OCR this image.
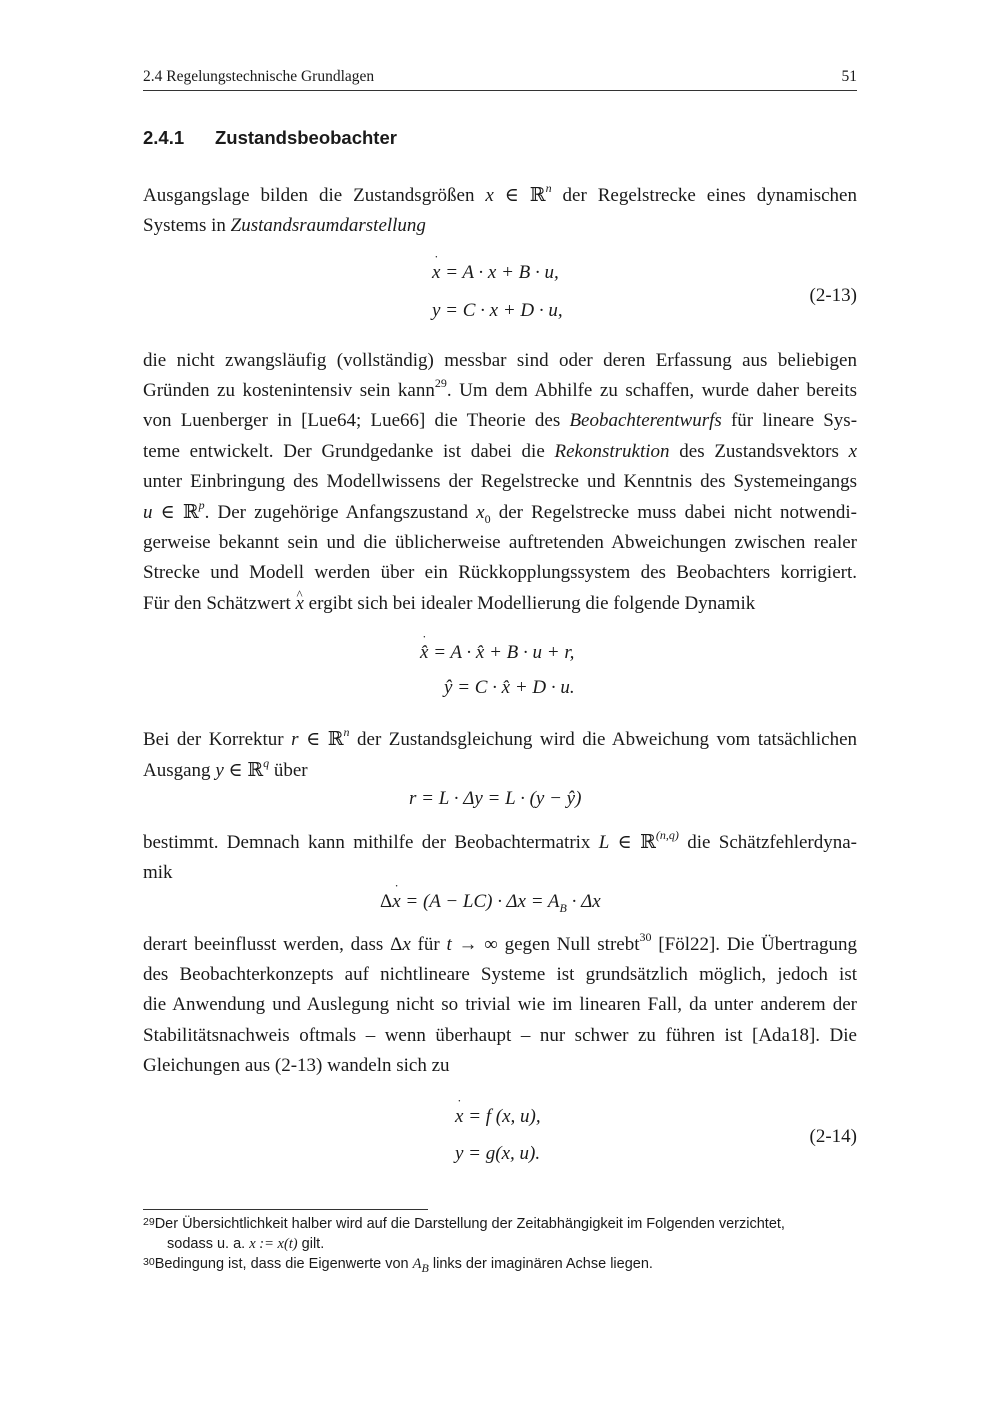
2.4 Regelungstechnische Grundlagen	51
2.4.1 Zustandsbeobachter

Ausgangslage bilden die Zustandsgrößen x ∈ ℝ$^n$ der Regelstrecke eines dynamischen
Systems in Zustandsraumdarstellung

x ˙ = A · x + B · u,
y = C · x + D · u,
(2-13)

die nicht zwangsläufig (vollständig) messbar sind oder deren Erfassung aus beliebigen
Gründen zu kostenintensiv sein kann$^{29}$. Um dem Abhilfe zu schaffen, wurde daher bereits
von Luenberger in [Lue64; Lue66] die Theorie des Beobachterentwurfs für lineare Sys-
teme entwickelt. Der Grundgedanke ist dabei die Rekonstruktion des Zustandsvektors x
unter Einbringung des Modellwissens der Regelstrecke und Kenntnis des Systemeingangs
u ∈ ℝ$^p$. Der zugehörige Anfangszustand $x_0$ der Regelstrecke muss dabei nicht notwendi-
gerweise bekannt sein und die üblicherweise auftretenden Abweichungen zwischen realer
Strecke und Modell werden über ein Rückkopplungssystem des Beobachters korrigiert.
Für den Schätzwert x ^ ergibt sich bei idealer Modellierung die folgende Dynamik

x̂ ˙ = A · x̂ + B · u + r,
ŷ = C · x̂ + D · u.

Bei der Korrektur r ∈ ℝ$^n$ der Zustandsgleichung wird die Abweichung vom tatsächlichen
Ausgang y ∈ ℝ$^q$ über

r = L · Δy = L · (y − ŷ)

bestimmt. Demnach kann mithilfe der Beobachtermatrix L ∈ ℝ$^{(n,q)}$ die Schätzfehlerdyna-
mik

Δx ˙ = $(A - LC) \cdot \Delta x = A_B \cdot \Delta x$

derart beeinflusst werden, dass Δx für t → ∞ gegen Null strebt$^{30}$ [Föl22]. Die Übertragung
des Beobachterkonzepts auf nichtlineare Systeme ist grundsätzlich möglich, jedoch ist
die Anwendung und Auslegung nicht so trivial wie im linearen Fall, da unter anderem der
Stabilitätsnachweis oftmals – wenn überhaupt – nur schwer zu führen ist [Ada18]. Die
Gleichungen aus (2-13) wandeln sich zu

x ˙ = f (x, u),
y = g(x, u).
(2-14)
$^{29}$Der Übersichtlichkeit halber wird auf die Darstellung der Zeitabhängigkeit im Folgenden verzichtet,
sodass u. a. x := x(t) gilt.
$^{30}$Bedingung ist, dass die Eigenwerte von $A_B$ links der imaginären Achse liegen.
